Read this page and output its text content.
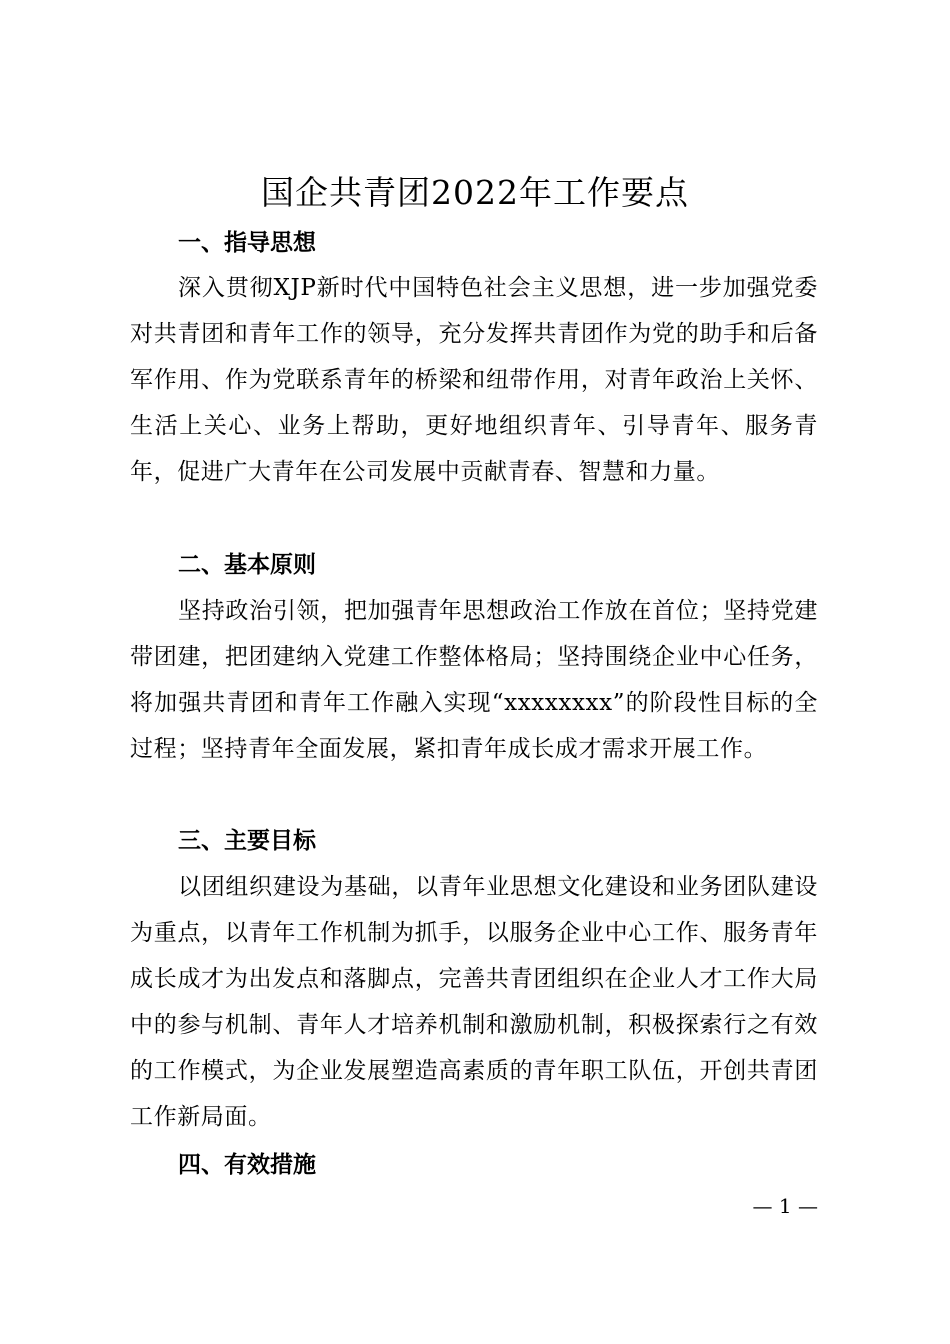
国企共青团2022年工作要点
一、指导思想

深入贯彻XJP新时代中国特色社会主义思想，进一步加强党委对共青团和青年工作的领导，充分发挥共青团作为党的助手和后备军作用、作为党联系青年的桥梁和纽带作用，对青年政治上关怀、生活上关心、业务上帮助，更好地组织青年、引导青年、服务青年，促进广大青年在公司发展中贡献青春、智慧和力量。

二、基本原则

坚持政治引领，把加强青年思想政治工作放在首位；坚持党建带团建，把团建纳入党建工作整体格局；坚持围绕企业中心任务，将加强共青团和青年工作融入实现“xxxxxxxx”的阶段性目标的全过程；坚持青年全面发展，紧扣青年成长成才需求开展工作。

三、主要目标

以团组织建设为基础，以青年业思想文化建设和业务团队建设为重点，以青年工作机制为抓手，以服务企业中心工作、服务青年成长成才为出发点和落脚点，完善共青团组织在企业人才工作大局中的参与机制、青年人才培养机制和激励机制，积极探索行之有效的工作模式，为企业发展塑造高素质的青年职工队伍，开创共青团工作新局面。

四、有效措施
— 1 —
